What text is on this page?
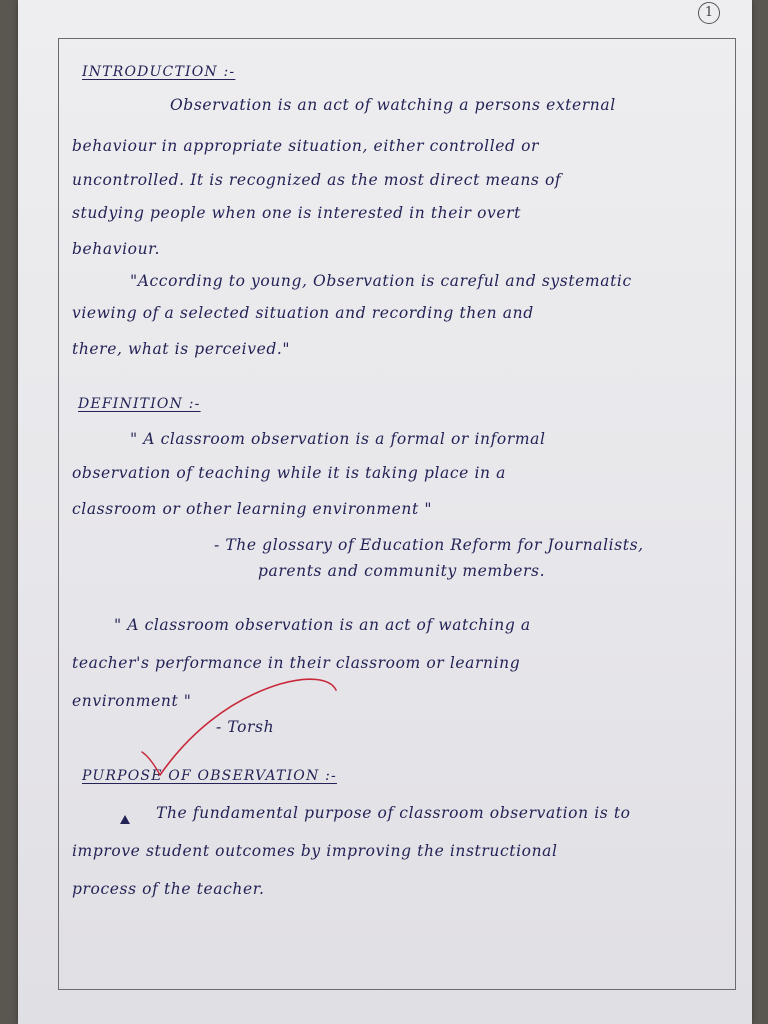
1
INTRODUCTION :-
Observation is an act of watching a persons external
behaviour in appropriate situation, either controlled or
uncontrolled. It is recognized as the most direct means of
studying people when one is interested in their overt
behaviour.
"According to young, Observation is careful and systematic
viewing of a selected situation and recording then and
there, what is perceived."
DEFINITION :-
" A classroom observation is a formal or informal
observation of teaching while it is taking place in a
classroom or other learning environment "
- The glossary of Education Reform for Journalists,
parents and community members.
" A classroom observation is an act of watching a
teacher's performance in their classroom or learning
environment "
- Torsh
PURPOSE OF OBSERVATION :-
The fundamental purpose of classroom observation is to
improve student outcomes by improving the instructional
process of the teacher.
